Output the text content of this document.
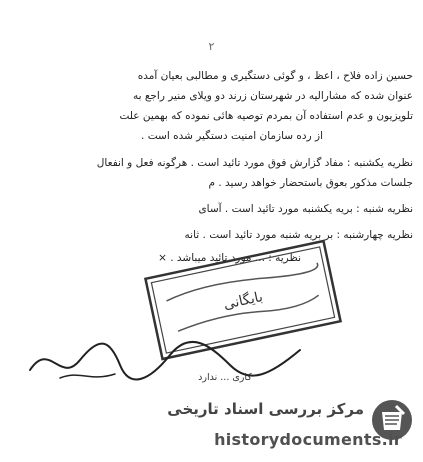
۲
حسین زاده فلاح ، اعظ ، و گوئی دستگیری و مطالبی بعیان آمده
عنوان شده که مشارالیه در شهرستان زرند دو ویلای منیر راجع به
تلویزیون و عدم استفاده آن بمردم توصیه هائی نموده که بهمین علت
از رده سازمان امنیت دستگیر شده است .
نظریه یکشنبه : مفاد گزارش فوق مورد تائید است . هرگونه فعل و انفعال
جلسات مذکور بعوق باستحضار خواهد رسید . م
نظریه شنبه : بریه یکشنبه مورد تائید است . آسای
نظریه چهارشنبه : بر بریه شنبه مورد تائید است . ثانه
نظریه : ... مورد تائید میباشد . ×
بایگانی
کاری ... ندارد
مرکز بررسی اسناد تاریخی
historydocuments.ir
